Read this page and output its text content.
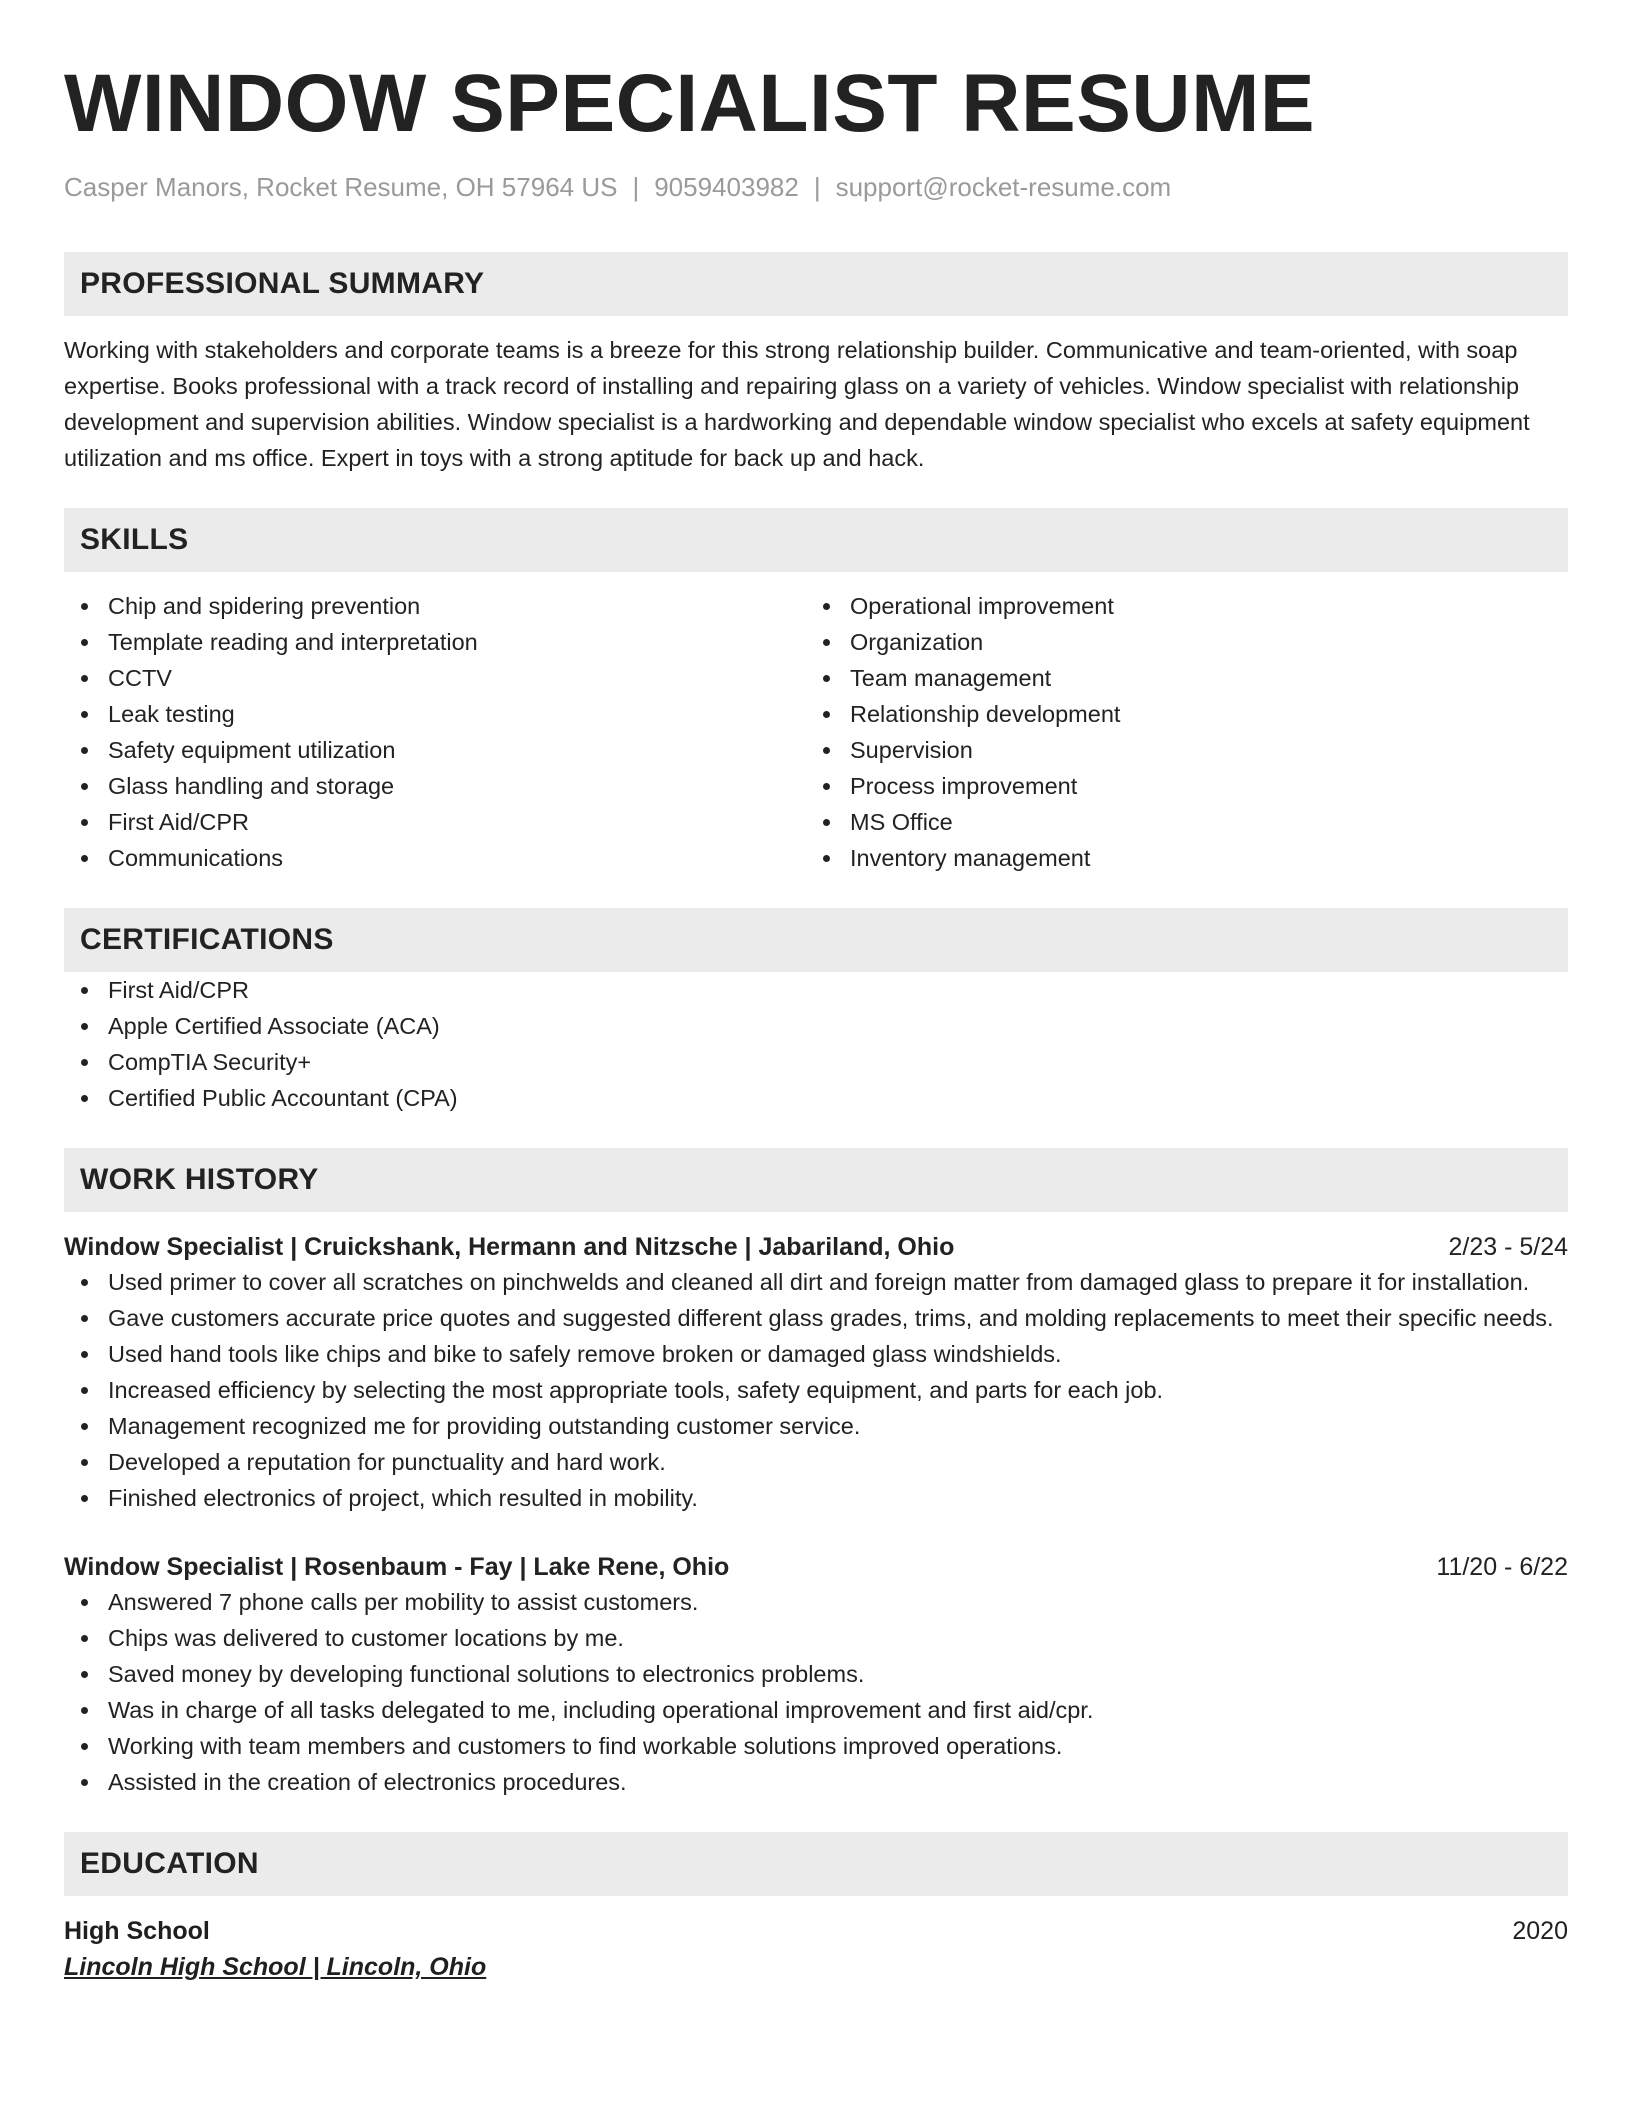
WINDOW SPECIALIST RESUME
Casper Manors, Rocket Resume, OH 57964 US | 9059403982 | support@rocket-resume.com
PROFESSIONAL SUMMARY

Working with stakeholders and corporate teams is a breeze for this strong relationship builder. Communicative and team-oriented, with soap expertise. Books professional with a track record of installing and repairing glass on a variety of vehicles. Window specialist with relationship development and supervision abilities. Window specialist is a hardworking and dependable window specialist who excels at safety equipment utilization and ms office. Expert in toys with a strong aptitude for back up and hack.

SKILLS
Chip and spidering prevention
Template reading and interpretation
CCTV
Leak testing
Safety equipment utilization
Glass handling and storage
First Aid/CPR
Communications
Operational improvement
Organization
Team management
Relationship development
Supervision
Process improvement
MS Office
Inventory management
CERTIFICATIONS
First Aid/CPR
Apple Certified Associate (ACA)
CompTIA Security+
Certified Public Accountant (CPA)
WORK HISTORY
Window Specialist | Cruickshank, Hermann and Nitzsche | Jabariland, Ohio	2/23 - 5/24
Used primer to cover all scratches on pinchwelds and cleaned all dirt and foreign matter from damaged glass to prepare it for installation.
Gave customers accurate price quotes and suggested different glass grades, trims, and molding replacements to meet their specific needs.
Used hand tools like chips and bike to safely remove broken or damaged glass windshields.
Increased efficiency by selecting the most appropriate tools, safety equipment, and parts for each job.
Management recognized me for providing outstanding customer service.
Developed a reputation for punctuality and hard work.
Finished electronics of project, which resulted in mobility.
Window Specialist | Rosenbaum - Fay | Lake Rene, Ohio	11/20 - 6/22
Answered 7 phone calls per mobility to assist customers.
Chips was delivered to customer locations by me.
Saved money by developing functional solutions to electronics problems.
Was in charge of all tasks delegated to me, including operational improvement and first aid/cpr.
Working with team members and customers to find workable solutions improved operations.
Assisted in the creation of electronics procedures.
EDUCATION
High School	2020
Lincoln High School | Lincoln, Ohio
